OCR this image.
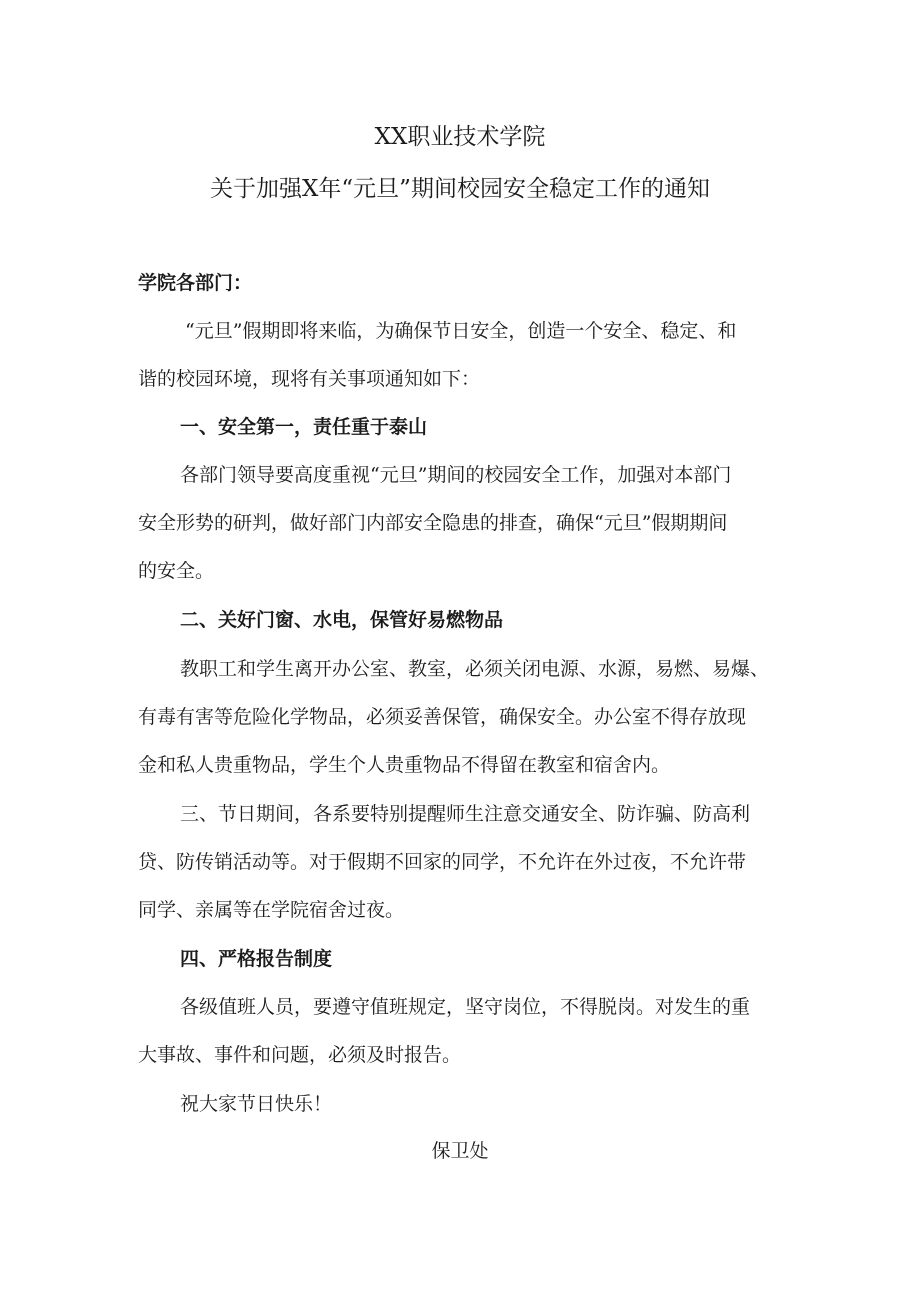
XX职业技术学院
关于加强X年“元旦”期间校园安全稳定工作的通知
学院各部门：
“元旦”假期即将来临，为确保节日安全，创造一个安全、稳定、和
谐的校园环境，现将有关事项通知如下：
一、安全第一，责任重于泰山
各部门领导要高度重视“元旦”期间的校园安全工作，加强对本部门
安全形势的研判，做好部门内部安全隐患的排查，确保“元旦”假期期间
的安全。
二、关好门窗、水电，保管好易燃物品
教职工和学生离开办公室、教室，必须关闭电源、水源，易燃、易爆、
有毒有害等危险化学物品，必须妥善保管，确保安全。办公室不得存放现
金和私人贵重物品，学生个人贵重物品不得留在教室和宿舍内。
三、节日期间，各系要特别提醒师生注意交通安全、防诈骗、防高利
贷、防传销活动等。对于假期不回家的同学，不允许在外过夜，不允许带
同学、亲属等在学院宿舍过夜。
四、严格报告制度
各级值班人员，要遵守值班规定，坚守岗位，不得脱岗。对发生的重
大事故、事件和问题，必须及时报告。
祝大家节日快乐！
保卫处
